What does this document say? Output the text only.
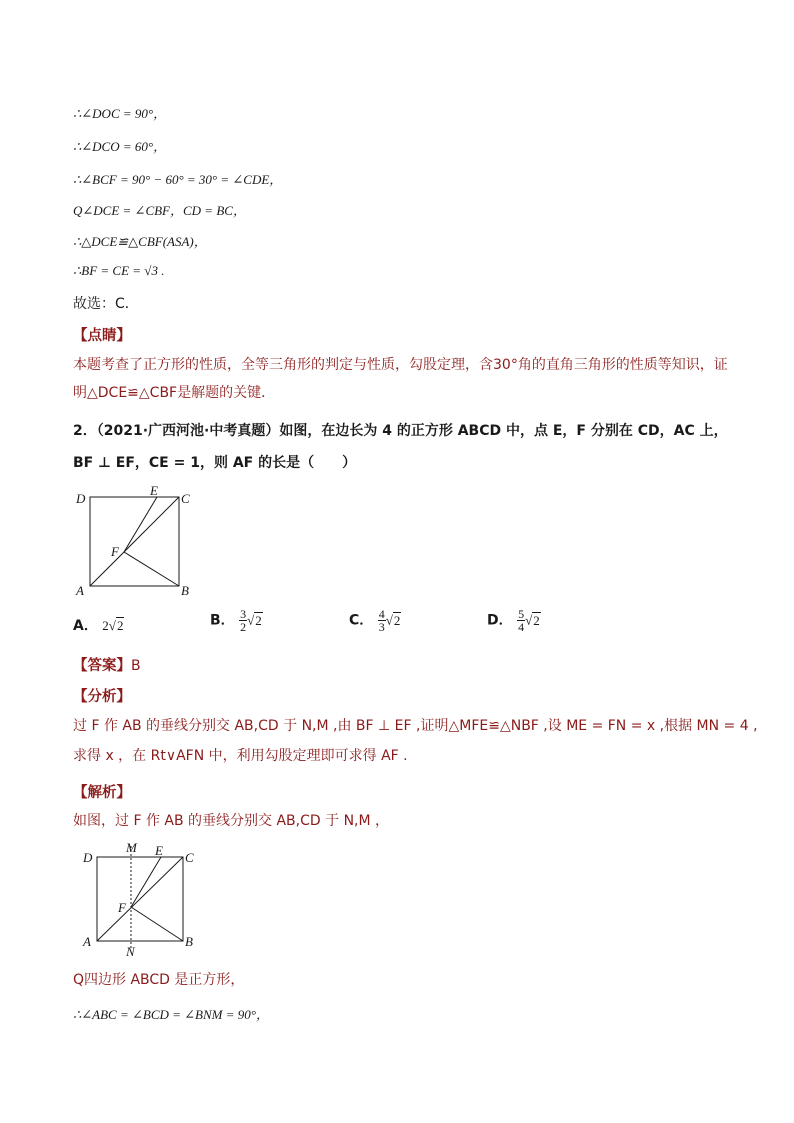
∴∠DOC = 90°，
∴∠DCO = 60°，
∴∠BCF = 90° − 60° = 30° = ∠CDE，
Q∠DCE = ∠CBF，CD = BC，
∴△DCE≌△CBF(ASA)，
∴BF = CE = √3 .
故选：C．
【点睛】
本题考查了正方形的性质，全等三角形的判定与性质，勾股定理，含30°角的直角三角形的性质等知识，证
明△DCE≌△CBF是解题的关键．
2．（2021·广西河池·中考真题）如图，在边长为 4 的正方形 ABCD 中，点 E，F 分别在 CD，AC 上，
BF ⊥ EF，CE = 1，则 AF 的长是（　　）
D
E
C
F
A	B
A． 2√2	B． $\frac{3}{2} √2$	C． $\frac{4}{3} √2$	D． $\frac{5}{4} √2$
【答案】B
【分析】
过 F 作 AB 的垂线分别交 AB,CD 于 N,M ,由 BF ⊥ EF ,证明△MFE≌△NBF ,设 ME = FN = x ,根据 MN = 4 ,
求得 x ，在 Rt∨AFN 中，利用勾股定理即可求得 AF .
【解析】
如图，过 F 作 AB 的垂线分别交 AB,CD 于 N,M ，
D
M E C
F
A
N
B
Q四边形 ABCD 是正方形，
∴∠ABC = ∠BCD = ∠BNM = 90°，
